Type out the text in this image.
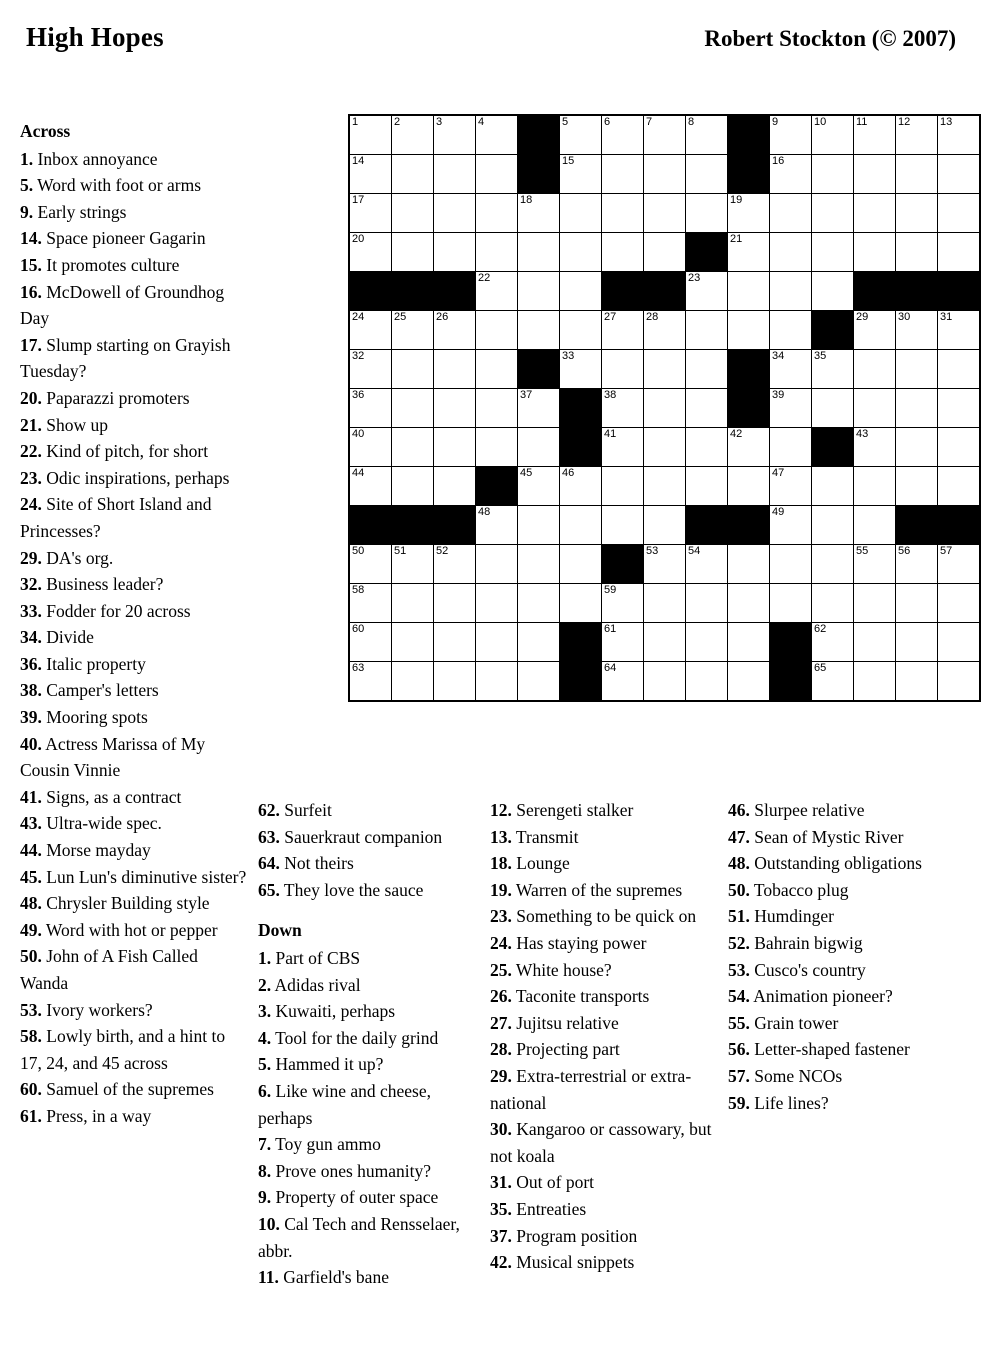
High Hopes	Robert Stockton (© 2007)
1	2	3	4		5	6	7	8		9	10	11	12	13

14					15					16				

17				18					19					

20									21					

			22					23						

24	25	26				27	28					29	30	31

32					33					34	35			

36				37		38				39				

40						41			42			43		

44				45	46					47				

			48							49				

50	51	52					53	54				55	56	57

58						59								

60						61					62			

63						64					65			

Across

1. Inbox annoyance

5. Word with foot or arms

9. Early strings

14. Space pioneer Gagarin

15. It promotes culture

16. McDowell of Groundhog Day

17. Slump starting on Grayish Tuesday?

20. Paparazzi promoters

21. Show up

22. Kind of pitch, for short

23. Odic inspirations, perhaps

24. Site of Short Island and Princesses?

29. DA's org.

32. Business leader?

33. Fodder for 20 across

34. Divide

36. Italic property

38. Camper's letters

39. Mooring spots

40. Actress Marissa of My Cousin Vinnie

41. Signs, as a contract

43. Ultra-wide spec.

44. Morse mayday

45. Lun Lun's diminutive sister?

48. Chrysler Building style

49. Word with hot or pepper

50. John of A Fish Called Wanda

53. Ivory workers?

58. Lowly birth, and a hint to 17, 24, and 45 across

60. Samuel of the supremes

61. Press, in a way

62. Surfeit

63. Sauerkraut companion

64. Not theirs

65. They love the sauce

Down

1. Part of CBS

2. Adidas rival

3. Kuwaiti, perhaps

4. Tool for the daily grind

5. Hammed it up?

6. Like wine and cheese, perhaps

7. Toy gun ammo

8. Prove ones humanity?

9. Property of outer space

10. Cal Tech and Rensselaer, abbr.

11. Garfield's bane

12. Serengeti stalker

13. Transmit

18. Lounge

19. Warren of the supremes

23. Something to be quick on

24. Has staying power

25. White house?

26. Taconite transports

27. Jujitsu relative

28. Projecting part

29. Extra-terrestrial or extra-national

30. Kangaroo or cassowary, but not koala

31. Out of port

35. Entreaties

37. Program position

42. Musical snippets

46. Slurpee relative

47. Sean of Mystic River

48. Outstanding obligations

50. Tobacco plug

51. Humdinger

52. Bahrain bigwig

53. Cusco's country

54. Animation pioneer?

55. Grain tower

56. Letter-shaped fastener

57. Some NCOs

59. Life lines?
